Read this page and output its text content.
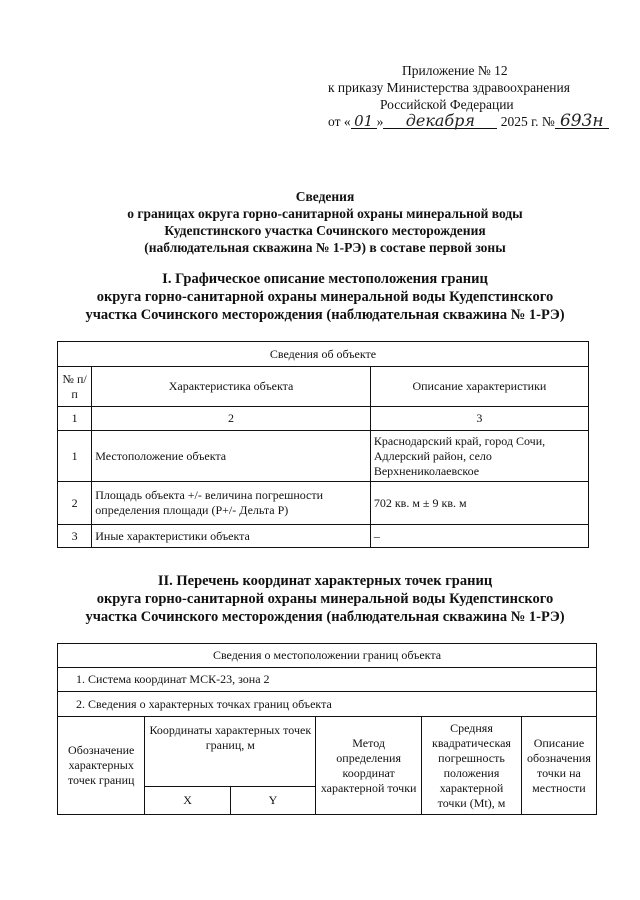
Приложение № 12
к приказу Министерства здравоохранения
Российской Федерации
от « 01 » декабря 2025 г. № 693н
Сведения
о границах округа горно-санитарной охраны минеральной воды
Кудепстинского участка Сочинского месторождения
(наблюдательная скважина № 1-РЭ) в составе первой зоны
I. Графическое описание местоположения границ
округа горно-санитарной охраны минеральной воды Кудепстинского
участка Сочинского месторождения (наблюдательная скважина № 1-РЭ)
Сведения об объекте		
№ п/п	Характеристика объекта	Описание характеристики
1	2	3
1	Местоположение объекта	Краснодарский край, город Сочи, Адлерский район, село Верхнениколаевское
2	Площадь объекта +/- величина погрешности определения площади (Р+/- Дельта Р)	702 кв. м ± 9 кв. м
3	Иные характеристики объекта	–
II. Перечень координат характерных точек границ
округа горно-санитарной охраны минеральной воды Кудепстинского
участка Сочинского месторождения (наблюдательная скважина № 1-РЭ)
Сведения о местоположении границ объекта					
1. Система координат МСК-23, зона 2					
2. Сведения о характерных точках границ объекта					
Обозначение характерных точек границ	Координаты характерных точек границ, м		Метод определения координат характерной точки	Средняя квадратическая погрешность положения характерной точки (Mt), м	Описание обозначения точки на местности
	X	Y			
